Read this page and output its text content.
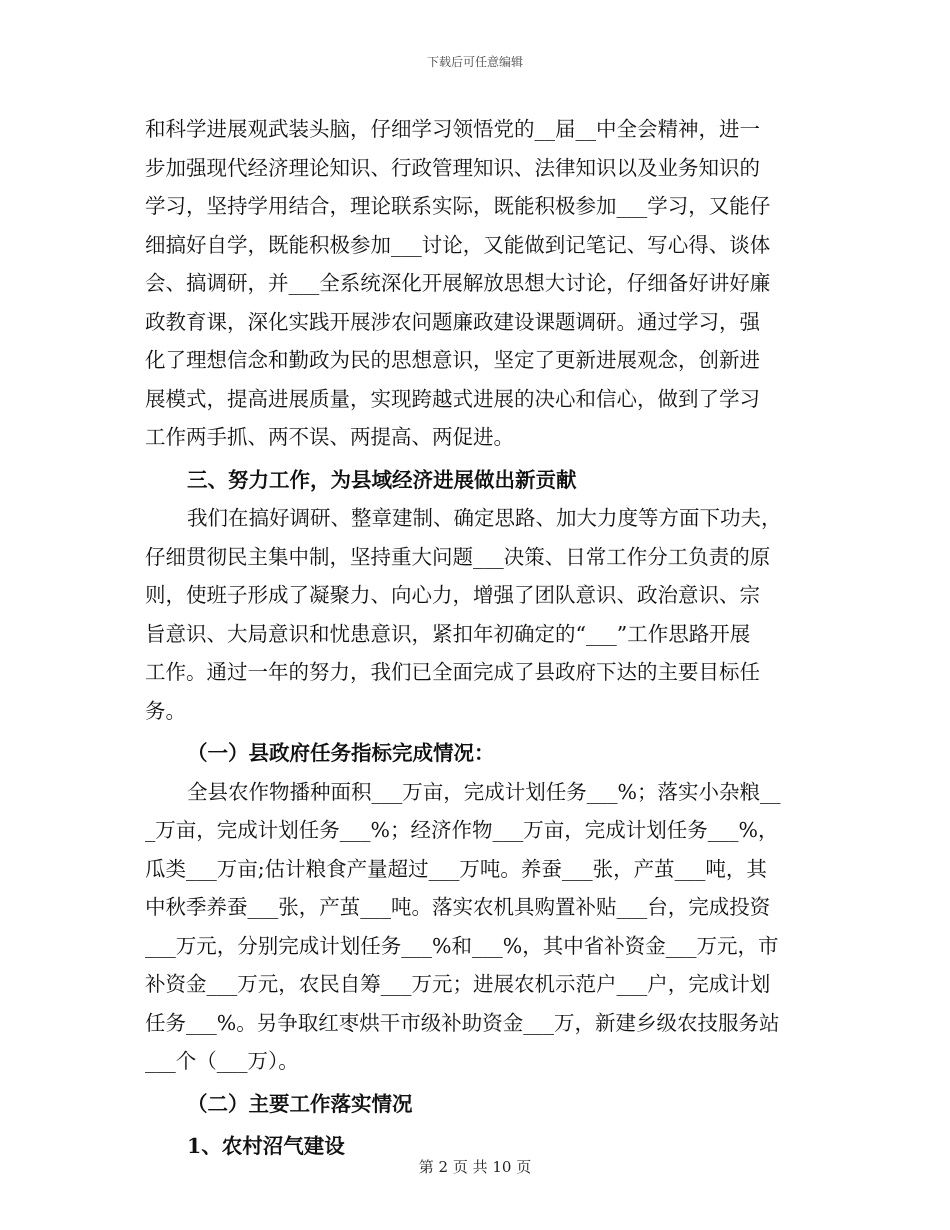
下载后可任意编辑
和科学进展观武装头脑，仔细学习领悟党的__届__中全会精神，进一
步加强现代经济理论知识、行政管理知识、法律知识以及业务知识的
学习，坚持学用结合，理论联系实际，既能积极参加___学习，又能仔
细搞好自学，既能积极参加___讨论，又能做到记笔记、写心得、谈体
会、搞调研，并___全系统深化开展解放思想大讨论，仔细备好讲好廉
政教育课，深化实践开展涉农问题廉政建设课题调研。通过学习，强
化了理想信念和勤政为民的思想意识，坚定了更新进展观念，创新进
展模式，提高进展质量，实现跨越式进展的决心和信心，做到了学习
工作两手抓、两不误、两提高、两促进。
三、努力工作，为县域经济进展做出新贡献
我们在搞好调研、整章建制、确定思路、加大力度等方面下功夫，
仔细贯彻民主集中制，坚持重大问题___决策、日常工作分工负责的原
则，使班子形成了凝聚力、向心力，增强了团队意识、政治意识、宗
旨意识、大局意识和忧患意识，紧扣年初确定的“___”工作思路开展
工作。通过一年的努力，我们已全面完成了县政府下达的主要目标任
务。
（一）县政府任务指标完成情况：
全县农作物播种面积___万亩，完成计划任务___%；落实小杂粮__
_万亩，完成计划任务___%；经济作物___万亩，完成计划任务___%，
瓜类___万亩;估计粮食产量超过___万吨。养蚕___张，产茧___吨，其
中秋季养蚕___张，产茧___吨。落实农机具购置补贴___台，完成投资
___万元，分别完成计划任务___%和___%，其中省补资金___万元，市
补资金___万元，农民自筹___万元；进展农机示范户___户，完成计划
任务___%。另争取红枣烘干市级补助资金___万，新建乡级农技服务站
___个（___万）。
（二）主要工作落实情况
1、农村沼气建设
第 2 页 共 10 页
